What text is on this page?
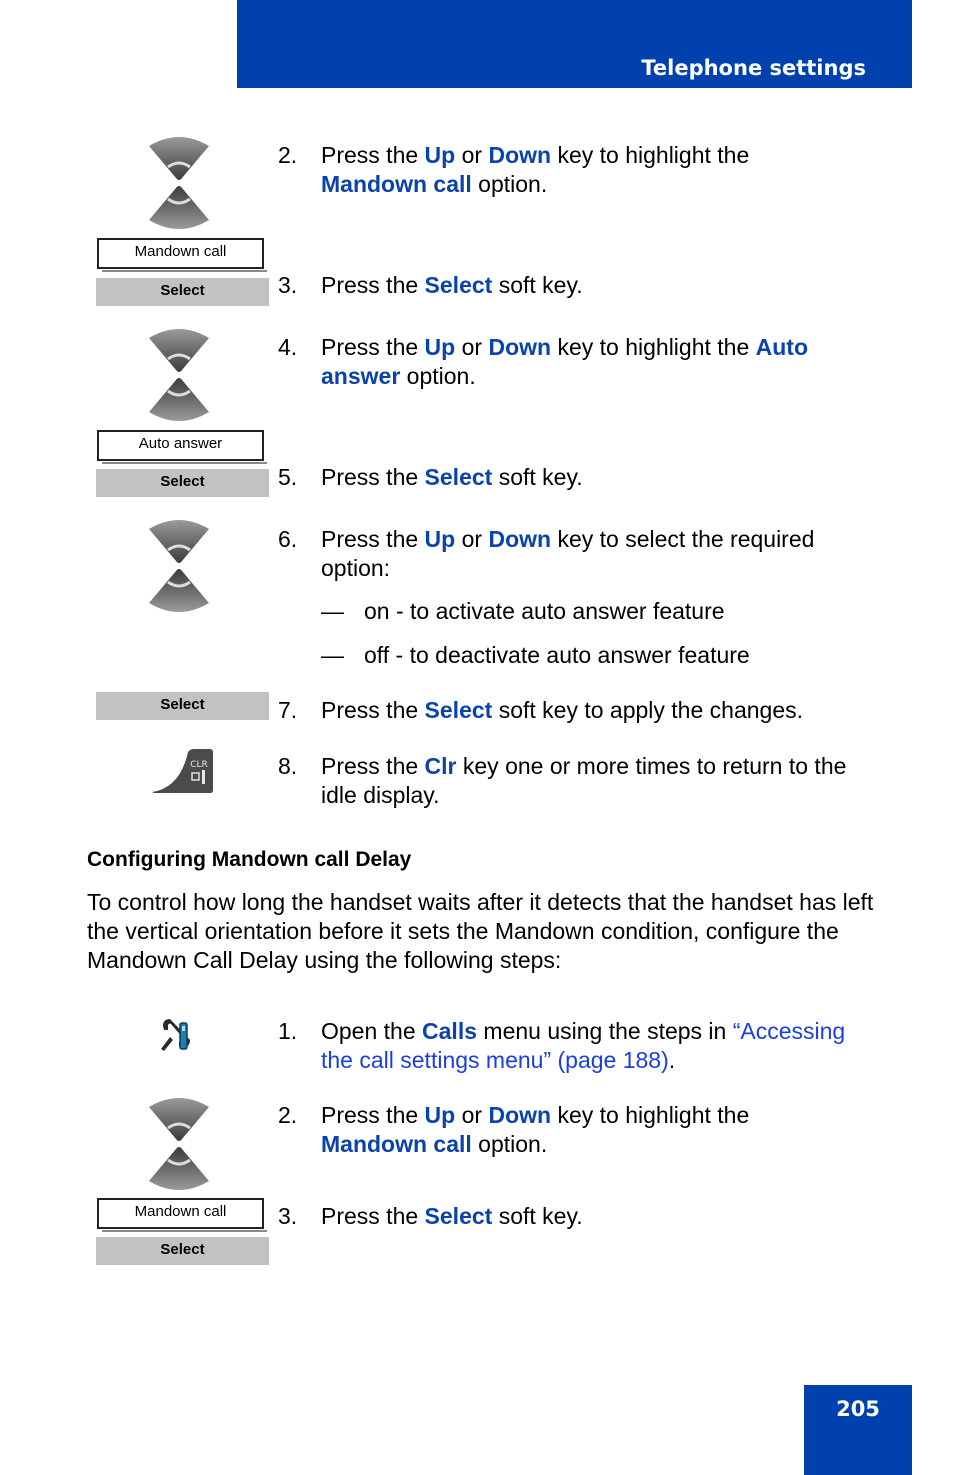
Telephone settings
Mandown call
Select
Auto answer
Select
Select
CLR
Mandown call
Select
2. Press the Up or Down key to highlight the
Mandown call option.
3. Press the Select soft key.
4. Press the Up or Down key to highlight the Auto answer option.
5. Press the Select soft key.
6. Press the Up or Down key to select the required option:
— on - to activate auto answer feature
— off - to deactivate auto answer feature
7. Press the Select soft key to apply the changes.
8. Press the Clr key one or more times to return to the idle display.
Configuring Mandown call Delay
To control how long the handset waits after it detects that the handset has left the vertical orientation before it sets the Mandown condition, configure the Mandown Call Delay using the following steps:
1. Open the Calls menu using the steps in “Accessing the call settings menu” (page 188).
2. Press the Up or Down key to highlight the
Mandown call option.
3. Press the Select soft key.
205
